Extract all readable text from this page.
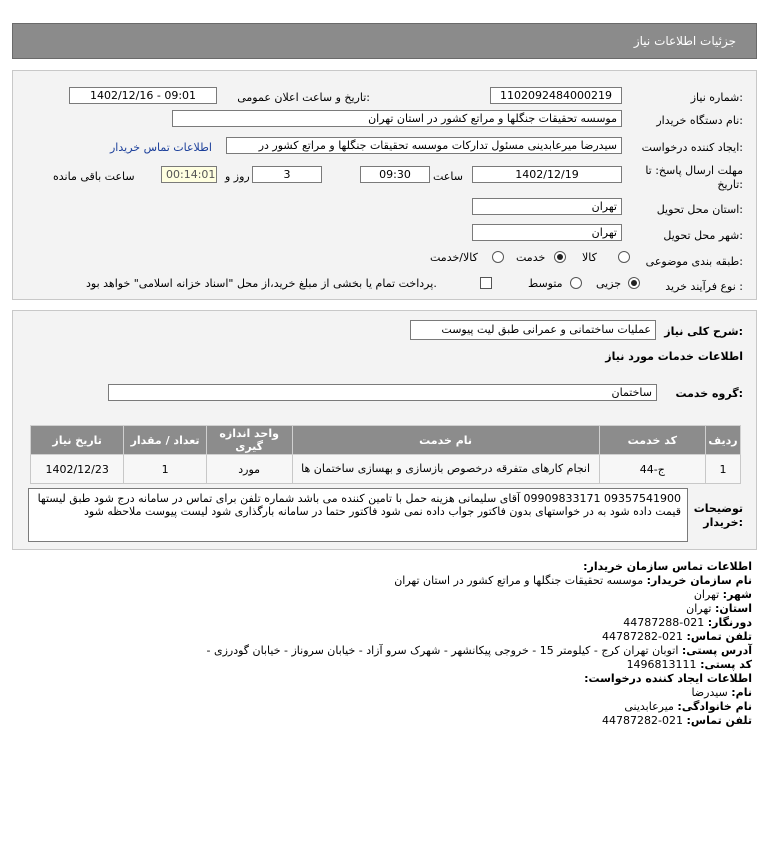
جزئیات اطلاعات نیاز
شماره نیاز:
1102092484000219
تاریخ و ساعت اعلان عمومی:
1402/12/16 - 09:01
نام دستگاه خریدار:
موسسه تحقیقات جنگلها و مراتع کشور در استان تهران
ایجاد کننده درخواست:
سیدرضا میرعابدینی مسئول تدارکات موسسه تحقیقات جنگلها و مراتع کشور در
اطلاعات تماس خریدار
مهلت ارسال پاسخ: تا تاریخ:
1402/12/19
ساعت
09:30
3
روز و
00:14:01
ساعت باقی مانده
استان محل تحویل:
تهران
شهر محل تحویل:
تهران
طبقه بندی موضوعی:
کالا
خدمت
کالا/خدمت
نوع فرآیند خرید :
جزیی
متوسط
پرداخت تمام یا بخشی از مبلغ خرید،از محل "اسناد خزانه اسلامی" خواهد بود.
شرح کلی نیاز:
عملیات ساختمانی و عمرانی طبق لیت پیوست
اطلاعات خدمات مورد نیاز
گروه خدمت:
ساختمان
تاریخ نیاز	تعداد / مقدار	واحد اندازه گیری	نام خدمت	کد خدمت	ردیف
1402/12/23	1	مورد	انجام کارهای متفرقه درخصوص بازسازی و بهسازی ساختمان ها	ج-44	1
توضیحات خریدار:
09357541900 09909833171 آقای سلیمانی هزینه حمل با تامین کننده می باشد شماره تلفن برای تماس در سامانه درج شود طبق لیستها قیمت داده شود به در خواستهای بدون فاکتور جواب داده نمی شود فاکتور حتما در سامانه بارگذاری شود لیست پیوست ملاحظه شود
اطلاعات تماس سازمان خریدار:
نام سازمان خریدار: موسسه تحقیقات جنگلها و مراتع کشور در استان تهران
شهر: تهران
استان: تهران
دورنگار: 021-44787288
تلفن تماس: 021-44787282
آدرس پستی: اتوبان تهران کرج - کیلومتر 15 - خروجی پیکانشهر - شهرک سرو آزاد - خیابان سروناز - خیابان گودرزی -
کد پستی: 1496813111
اطلاعات ایجاد کننده درخواست:
نام: سیدرضا
نام خانوادگی: میرعابدینی
تلفن تماس: 021-44787282
